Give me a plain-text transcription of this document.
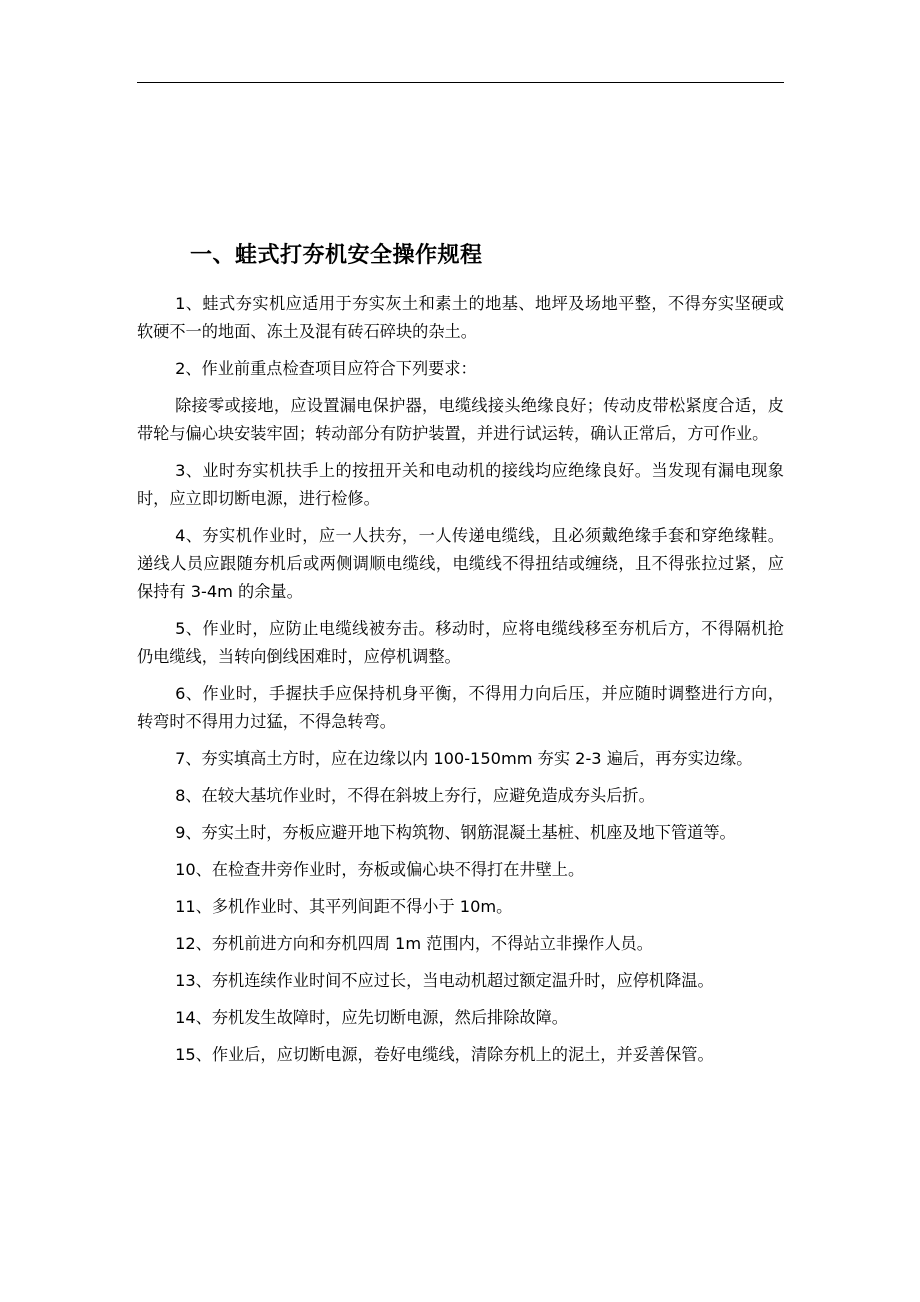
一、蛙式打夯机安全操作规程

1、蛙式夯实机应适用于夯实灰土和素土的地基、地坪及场地平整，不得夯实坚硬或软硬不一的地面、冻土及混有砖石碎块的杂土。

2、作业前重点检查项目应符合下列要求：

除接零或接地，应设置漏电保护器，电缆线接头绝缘良好；传动皮带松紧度合适，皮带轮与偏心块安装牢固；转动部分有防护装置，并进行试运转，确认正常后，方可作业。

3、业时夯实机扶手上的按扭开关和电动机的接线均应绝缘良好。当发现有漏电现象时，应立即切断电源，进行检修。

4、夯实机作业时，应一人扶夯，一人传递电缆线，且必须戴绝缘手套和穿绝缘鞋。递线人员应跟随夯机后或两侧调顺电缆线，电缆线不得扭结或缠绕，且不得张拉过紧，应保持有 3-4m 的余量。

5、作业时，应防止电缆线被夯击。移动时，应将电缆线移至夯机后方，不得隔机抢仍电缆线，当转向倒线困难时，应停机调整。

6、作业时，手握扶手应保持机身平衡，不得用力向后压，并应随时调整进行方向，转弯时不得用力过猛，不得急转弯。

7、夯实填高土方时，应在边缘以内 100-150mm 夯实 2-3 遍后，再夯实边缘。

8、在较大基坑作业时，不得在斜坡上夯行，应避免造成夯头后折。

9、夯实土时，夯板应避开地下构筑物、钢筋混凝土基桩、机座及地下管道等。

10、在检查井旁作业时，夯板或偏心块不得打在井壁上。

11、多机作业时、其平列间距不得小于 10m。

12、夯机前进方向和夯机四周 1m 范围内，不得站立非操作人员。

13、夯机连续作业时间不应过长，当电动机超过额定温升时，应停机降温。

14、夯机发生故障时，应先切断电源，然后排除故障。

15、作业后，应切断电源，卷好电缆线，清除夯机上的泥土，并妥善保管。
